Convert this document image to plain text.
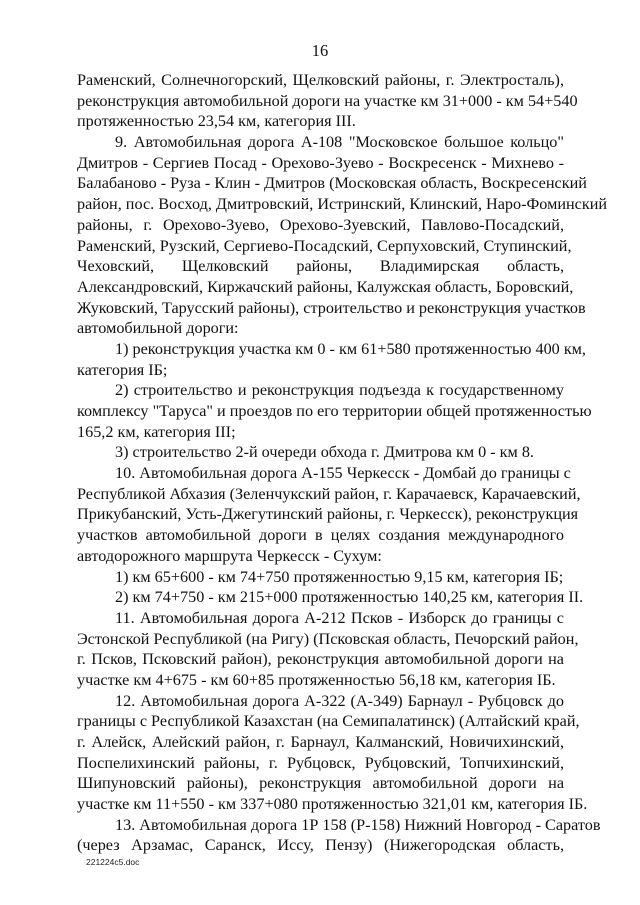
16
Раменский, Солнечногорский, Щелковский районы, г. Электросталь),
реконструкция автомобильной дороги на участке км 31+000 - км 54+540
протяженностью 23,54 км, категория III.
9. Автомобильная дорога А-108 "Московское большое кольцо"
Дмитров - Сергиев Посад - Орехово-Зуево - Воскресенск - Михнево -
Балабаново - Руза - Клин - Дмитров (Московская область, Воскресенский
район, пос. Восход, Дмитровский, Истринский, Клинский, Наро-Фоминский
районы, г. Орехово-Зуево, Орехово-Зуевский, Павлово-Посадский,
Раменский, Рузский, Сергиево-Посадский, Серпуховский, Ступинский,
Чеховский, Щелковский районы, Владимирская область,
Александровский, Киржачский районы, Калужская область, Боровский,
Жуковский, Тарусский районы), строительство и реконструкция участков
автомобильной дороги:
1) реконструкция участка км 0 - км 61+580 протяженностью 400 км,
категория IБ;
2) строительство и реконструкция подъезда к государственному
комплексу "Таруса" и проездов по его территории общей протяженностью
165,2 км, категория III;
3) строительство 2-й очереди обхода г. Дмитрова км 0 - км 8.
10. Автомобильная дорога А-155 Черкесск - Домбай до границы с
Республикой Абхазия (Зеленчукский район, г. Карачаевск, Карачаевский,
Прикубанский, Усть-Джегутинский районы, г. Черкесск), реконструкция
участков автомобильной дороги в целях создания международного
автодорожного маршрута Черкесск - Сухум:
1) км 65+600 - км 74+750 протяженностью 9,15 км, категория IБ;
2) км 74+750 - км 215+000 протяженностью 140,25 км, категория II.
11. Автомобильная дорога А-212 Псков - Изборск до границы с
Эстонской Республикой (на Ригу) (Псковская область, Печорский район,
г. Псков, Псковский район), реконструкция автомобильной дороги на
участке км 4+675 - км 60+85 протяженностью 56,18 км, категория IБ.
12. Автомобильная дорога А-322 (А-349) Барнаул - Рубцовск до
границы с Республикой Казахстан (на Семипалатинск) (Алтайский край,
г. Алейск, Алейский район, г. Барнаул, Калманский, Новичихинский,
Поспелихинский районы, г. Рубцовск, Рубцовский, Топчихинский,
Шипуновский районы), реконструкция автомобильной дороги на
участке км 11+550 - км 337+080 протяженностью 321,01 км, категория IБ.
13. Автомобильная дорога 1Р 158 (Р-158) Нижний Новгород - Саратов
(через Арзамас, Саранск, Иссу, Пензу) (Нижегородская область,
221224с5.doc
